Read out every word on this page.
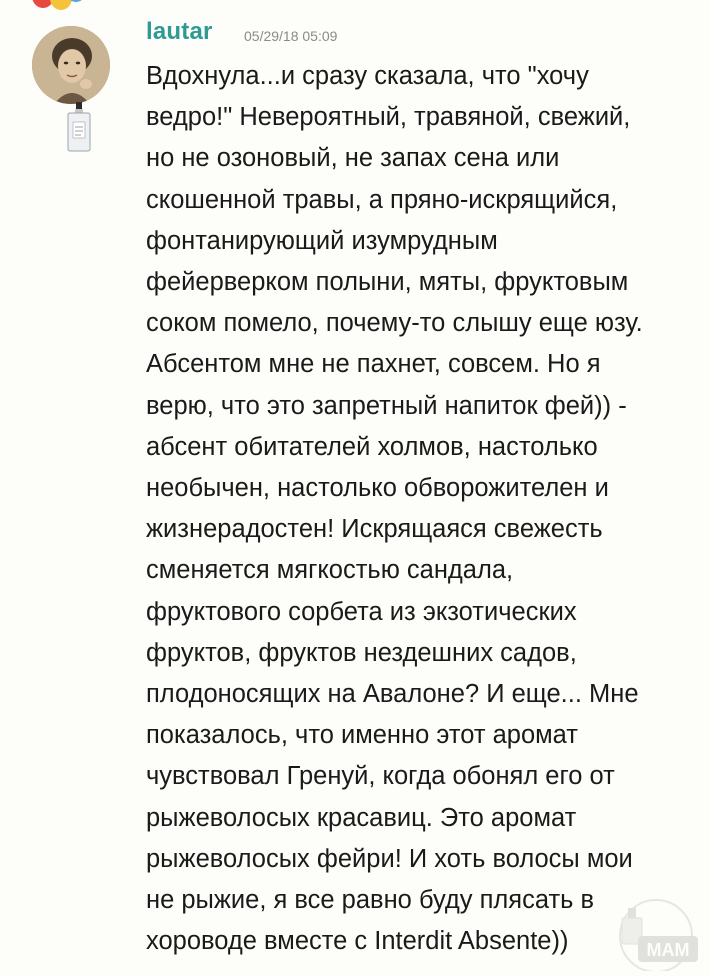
lautar 05/29/18 05:09

Вдохнула...и сразу сказала, что "хочу
ведро!" Невероятный, травяной, свежий,
но не озоновый, не запах сена или
скошенной травы, а пряно-искрящийся,
фонтанирующий изумрудным
фейерверком полыни, мяты, фруктовым
соком помело, почему-то слышу еще юзу.
Абсентом мне не пахнет, совсем. Но я
верю, что это запретный напиток фей)) -
абсент обитателей холмов, настолько
необычен, настолько обворожителен и
жизнерадостен! Искрящаяся свежесть
сменяется мягкостью сандала,
фруктового сорбета из экзотических
фруктов, фруктов нездешних садов,
плодоносящих на Авалоне? И еще... Мне
показалось, что именно этот аромат
чувствовал Гренуй, когда обонял его от
рыжеволосых красавиц. Это аромат
рыжеволосых фейри! И хоть волосы мои
не рыжие, я все равно буду плясать в
хороводе вместе с Interdit Absente))	МАМ
